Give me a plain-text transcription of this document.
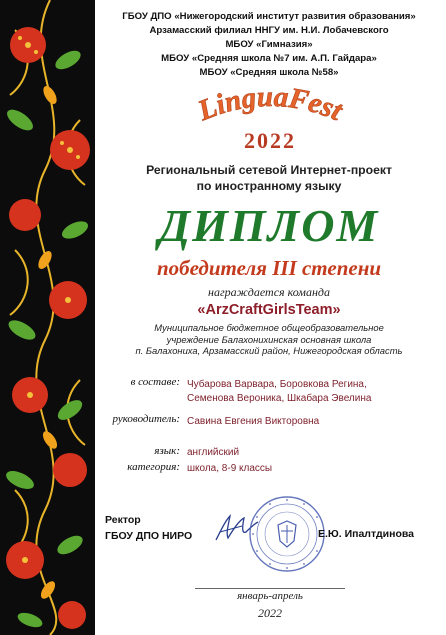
ГБОУ ДПО «Нижегородский институт развития образования»
Арзамасский филиал ННГУ им. Н.И. Лобачевского
МБОУ «Гимназия»
МБОУ «Средняя школа №7 им. А.П. Гайдара»
МБОУ «Средняя школа №58»
LinguaFest
2022
Региональный сетевой Интернет-проект
по иностранному языку
ДИПЛОМ
победителя III степени
награждается команда
«ArzCraftGirlsTeam»
Муниципальное бюджетное общеобразовательное
учреждение Балахонихинская основная школа
п. Балахониха, Арзамасский район, Нижегородская область
в составе: Чубарова Варвара, Боровкова Регина,
Семенова Вероника, Шкабара Эвелина
руководитель: Савина Евгения Викторовна
язык: английский
категория: школа, 8-9 классы
Ректор
ГБОУ ДПО НИРО	Е.Ю. Ипалтдинова
январь-апрель
2022
